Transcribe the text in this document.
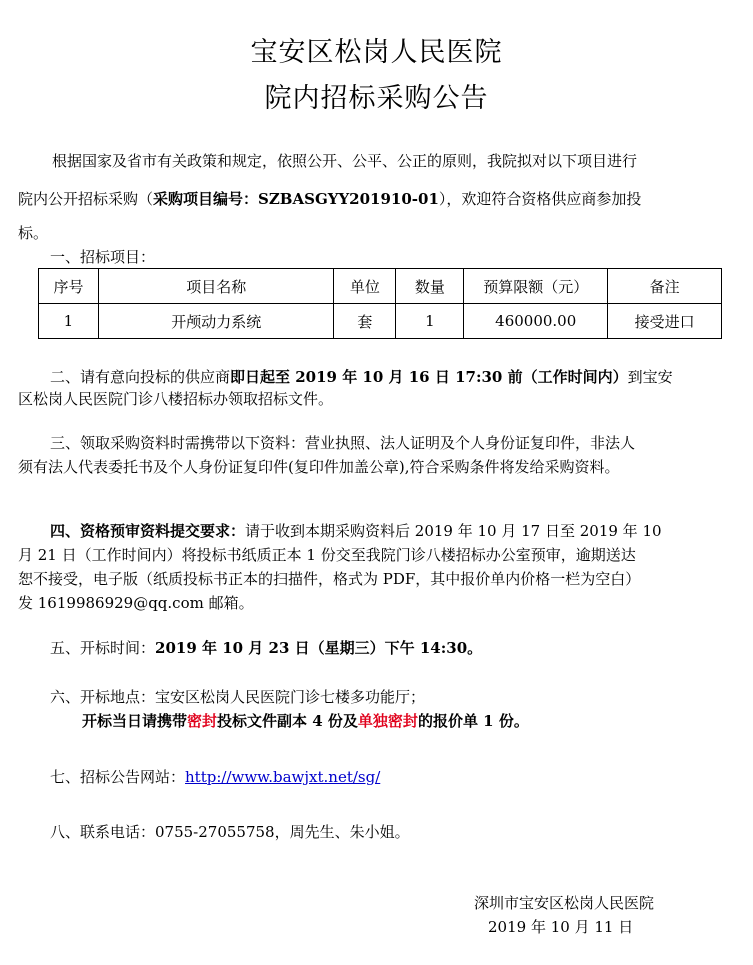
宝安区松岗人民医院
院内招标采购公告
根据国家及省市有关政策和规定，依照公开、公平、公正的原则，我院拟对以下项目进行
院内公开招标采购（采购项目编号：SZBASGYY201910-01），欢迎符合资格供应商参加投
标。
一、招标项目：
序号	项目名称	单位	数量	预算限额（元）	备注
1	开颅动力系统	套	1	460000.00	接受进口
二、请有意向投标的供应商即日起至 2019 年 10 月 16 日 17:30 前（工作时间内）到宝安
区松岗人民医院门诊八楼招标办领取招标文件。
三、领取采购资料时需携带以下资料：营业执照、法人证明及个人身份证复印件，非法人
须有法人代表委托书及个人身份证复印件(复印件加盖公章),符合采购条件将发给采购资料。
四、资格预审资料提交要求：请于收到本期采购资料后 2019 年 10 月 17 日至 2019 年 10
月 21 日（工作时间内）将投标书纸质正本 1 份交至我院门诊八楼招标办公室预审，逾期送达
恕不接受，电子版（纸质投标书正本的扫描件，格式为 PDF，其中报价单内价格一栏为空白）
发 1619986929@qq.com 邮箱。
五、开标时间：2019 年 10 月 23 日（星期三）下午 14:30。
六、开标地点：宝安区松岗人民医院门诊七楼多功能厅；
开标当日请携带密封投标文件副本 4 份及单独密封的报价单 1 份。
七、招标公告网站：http://www.bawjxt.net/sg/
八、联系电话：0755-27055758，周先生、朱小姐。
深圳市宝安区松岗人民医院
2019 年 10 月 11 日
